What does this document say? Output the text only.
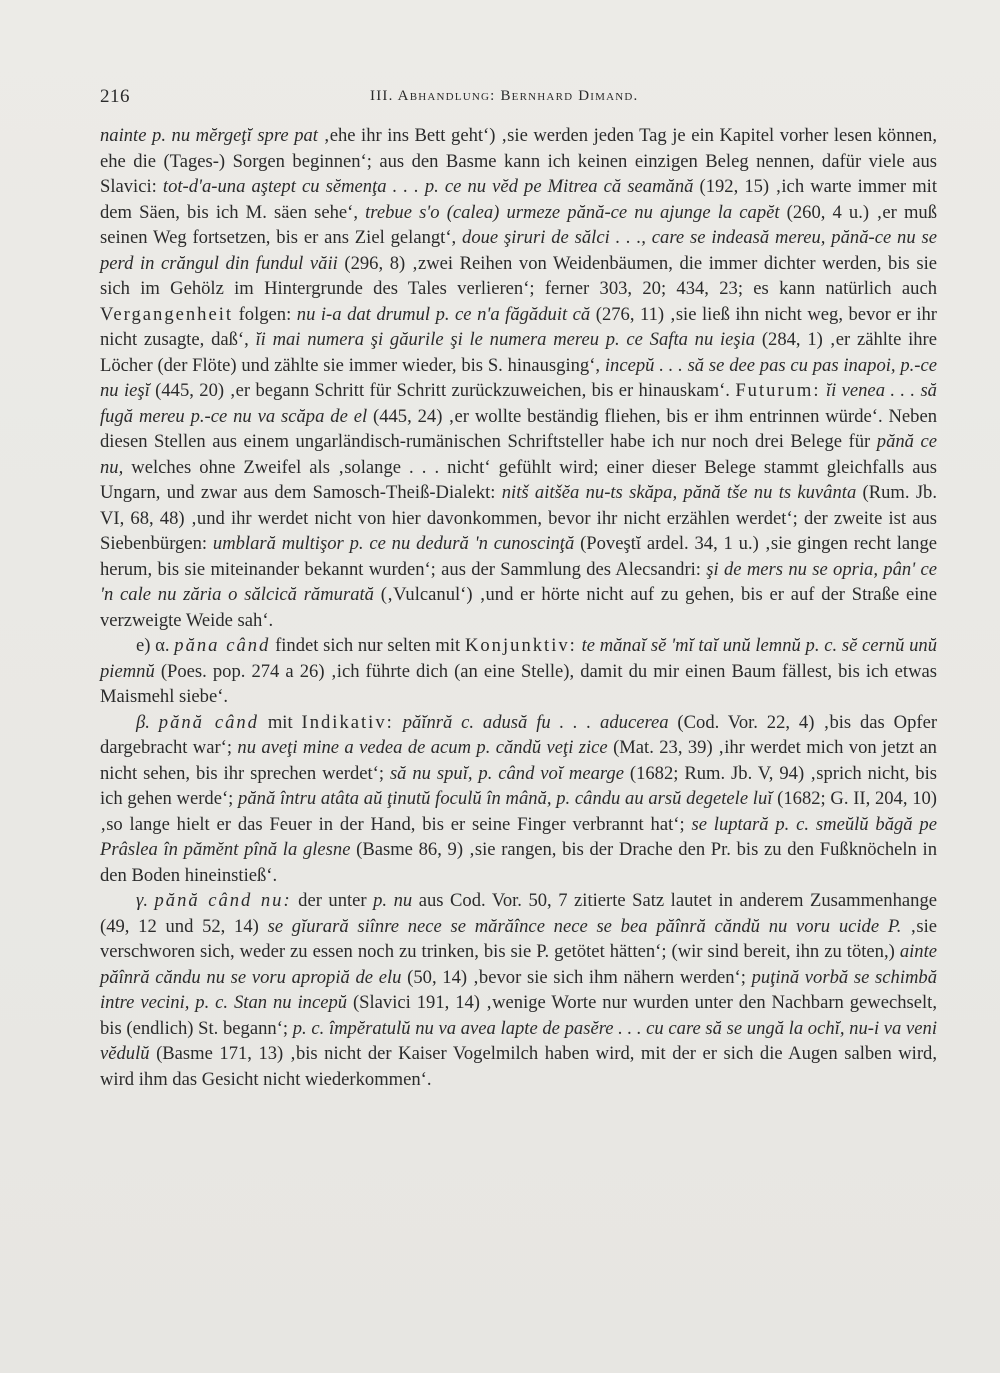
216	III. Abhandlung: Bernhard Dimand.

nainte p. nu mĕrgeţĭ spre pat ‚ehe ihr ins Bett geht‘) ‚sie werden jeden Tag je ein Kapitel vorher lesen können, ehe die (Tages-) Sorgen beginnen‘; aus den Basme kann ich keinen einzigen Beleg nennen, dafür viele aus Slavici: tot-d'a-una aştept cu sĕmenţa . . . p. ce nu vĕd pe Mitrea că seamănă (192, 15) ‚ich warte immer mit dem Säen, bis ich M. säen sehe‘, trebue s'o (calea) urmeze pănă-ce nu ajunge la capĕt (260, 4 u.) ‚er muß seinen Weg fortsetzen, bis er ans Ziel gelangt‘, doue şiruri de sălci . . ., care se indeasă mereu, pănă-ce nu se perd in crăngul din fundul văii (296, 8) ‚zwei Reihen von Weidenbäumen, die immer dichter werden, bis sie sich im Gehölz im Hintergrunde des Tales verlieren‘; ferner 303, 20; 434, 23; es kann natürlich auch Vergangenheit folgen: nu i-a dat drumul p. ce n'a făgăduit că (276, 11) ‚sie ließ ihn nicht weg, bevor er ihr nicht zusagte, daß‘, ĭi mai numera şi găurile şi le numera mereu p. ce Safta nu ieşia (284, 1) ‚er zählte ihre Löcher (der Flöte) und zählte sie immer wieder, bis S. hinausging‘, incepŭ . . . să se dee pas cu pas inapoi, p.-ce nu ieşĭ (445, 20) ‚er begann Schritt für Schritt zurückzuweichen, bis er hinauskam‘. Futurum: ĭi venea . . . să fugă mereu p.-ce nu va scăpa de el (445, 24) ‚er wollte beständig fliehen, bis er ihm entrinnen würde‘. Neben diesen Stellen aus einem ungarländisch-rumänischen Schriftsteller habe ich nur noch drei Belege für pănă ce nu, welches ohne Zweifel als ‚solange . . . nicht‘ gefühlt wird; einer dieser Belege stammt gleichfalls aus Ungarn, und zwar aus dem Samosch-Theiß-Dialekt: nitš aitšĕa nu-ts skăpa, pănă tše nu ts kuvânta (Rum. Jb. VI, 68, 48) ‚und ihr werdet nicht von hier davonkommen, bevor ihr nicht erzählen werdet‘; der zweite ist aus Siebenbürgen: umblară multişor p. ce nu dedură 'n cunoscinţă (Poveştĭ ardel. 34, 1 u.) ‚sie gingen recht lange herum, bis sie miteinander bekannt wurden‘; aus der Sammlung des Alecsandri: şi de mers nu se opria, pân' ce 'n cale nu zăria o sălcică rămurată (‚Vulcanul‘) ‚und er hörte nicht auf zu gehen, bis er auf der Straße eine verzweigte Weide sah‘.

e) α. păna când findet sich nur selten mit Konjunktiv: te mănaĭ sĕ 'mĭ taĭ unŭ lemnŭ p. c. sĕ cernŭ unŭ piemnŭ (Poes. pop. 274 a 26) ‚ich führte dich (an eine Stelle), damit du mir einen Baum fällest, bis ich etwas Maismehl siebe‘.

β. pănă când mit Indikativ: păĭnră c. adusă fu . . . aducerea (Cod. Vor. 22, 4) ‚bis das Opfer dargebracht war‘; nu aveţi mine a vedea de acum p. căndŭ veţi zice (Mat. 23, 39) ‚ihr werdet mich von jetzt an nicht sehen, bis ihr sprechen werdet‘; să nu spuĭ, p. când voĭ mearge (1682; Rum. Jb. V, 94) ‚sprich nicht, bis ich gehen werde‘; pănă întru atâta aŭ ţinutŭ foculŭ în mână, p. cându au arsŭ degetele luĭ (1682; G. II, 204, 10) ‚so lange hielt er das Feuer in der Hand, bis er seine Finger verbrannt hat‘; se luptară p. c. smeŭlŭ băgă pe Prâslea în pămĕnt pînă la glesne (Basme 86, 9) ‚sie rangen, bis der Drache den Pr. bis zu den Fußknöcheln in den Boden hineinstieß‘.

γ. pănă când nu: der unter p. nu aus Cod. Vor. 50, 7 zitierte Satz lautet in anderem Zusammenhange (49, 12 und 52, 14) se gĭurară siînre nece se mărăînce nece se bea păînră căndŭ nu voru ucide P. ‚sie verschworen sich, weder zu essen noch zu trinken, bis sie P. getötet hätten‘; (wir sind bereit, ihn zu töten,) ainte păînră căndu nu se voru apropiă de elu (50, 14) ‚bevor sie sich ihm nähern werden‘; puţină vorbă se schimbă intre vecini, p. c. Stan nu incepŭ (Slavici 191, 14) ‚wenige Worte nur wurden unter den Nachbarn gewechselt, bis (endlich) St. begann‘; p. c. împĕratulŭ nu va avea lapte de pasĕre . . . cu care să se ungă la ochĭ, nu-i va veni vĕdulŭ (Basme 171, 13) ‚bis nicht der Kaiser Vogelmilch haben wird, mit der er sich die Augen salben wird, wird ihm das Gesicht nicht wiederkommen‘.
